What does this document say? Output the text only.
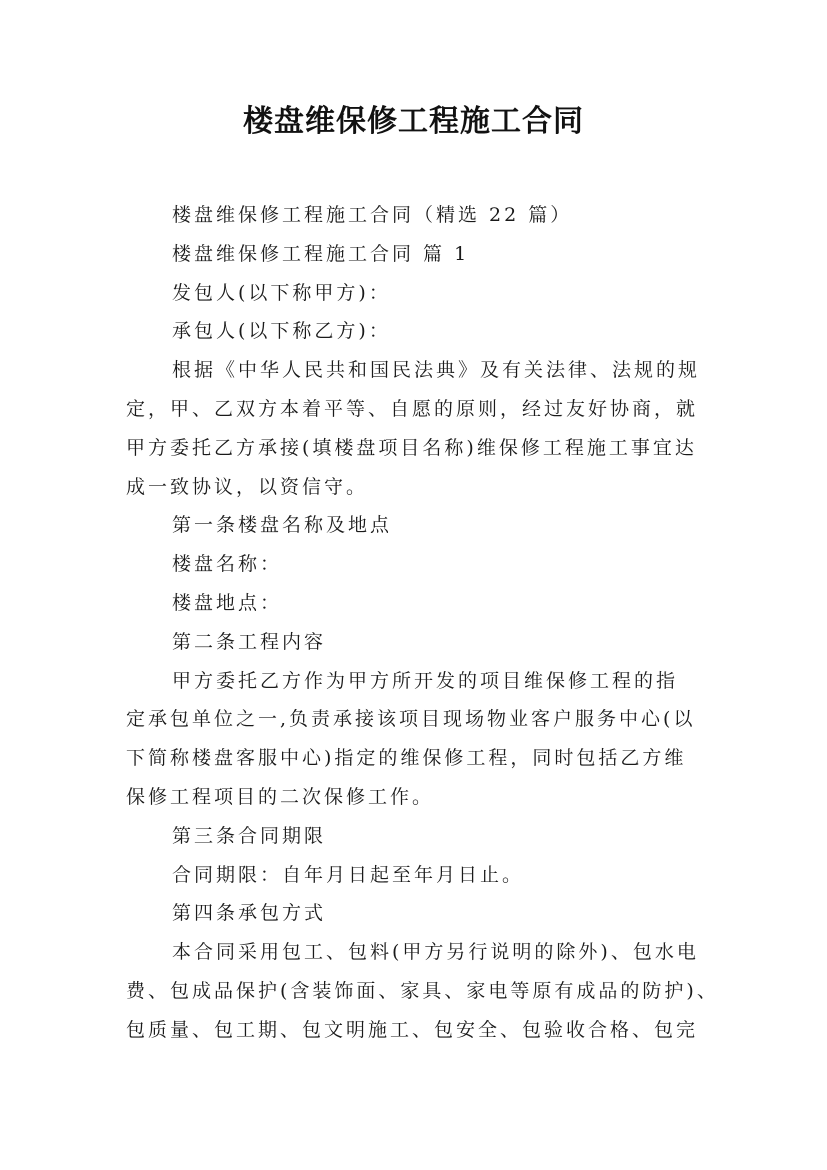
楼盘维保修工程施工合同

楼盘维保修工程施工合同（精选 22 篇）

楼盘维保修工程施工合同 篇 1

发包人(以下称甲方)：

承包人(以下称乙方)：

根据《中华人民共和国民法典》及有关法律、法规的规

定，甲、乙双方本着平等、自愿的原则，经过友好协商，就

甲方委托乙方承接(填楼盘项目名称)维保修工程施工事宜达

成一致协议，以资信守。

第一条楼盘名称及地点

楼盘名称：

楼盘地点：

第二条工程内容

甲方委托乙方作为甲方所开发的项目维保修工程的指

定承包单位之一,负责承接该项目现场物业客户服务中心(以

下简称楼盘客服中心)指定的维保修工程，同时包括乙方维

保修工程项目的二次保修工作。

第三条合同期限

合同期限：自年月日起至年月日止。

第四条承包方式

本合同采用包工、包料(甲方另行说明的除外)、包水电

费、包成品保护(含装饰面、家具、家电等原有成品的防护)、

包质量、包工期、包文明施工、包安全、包验收合格、包完
